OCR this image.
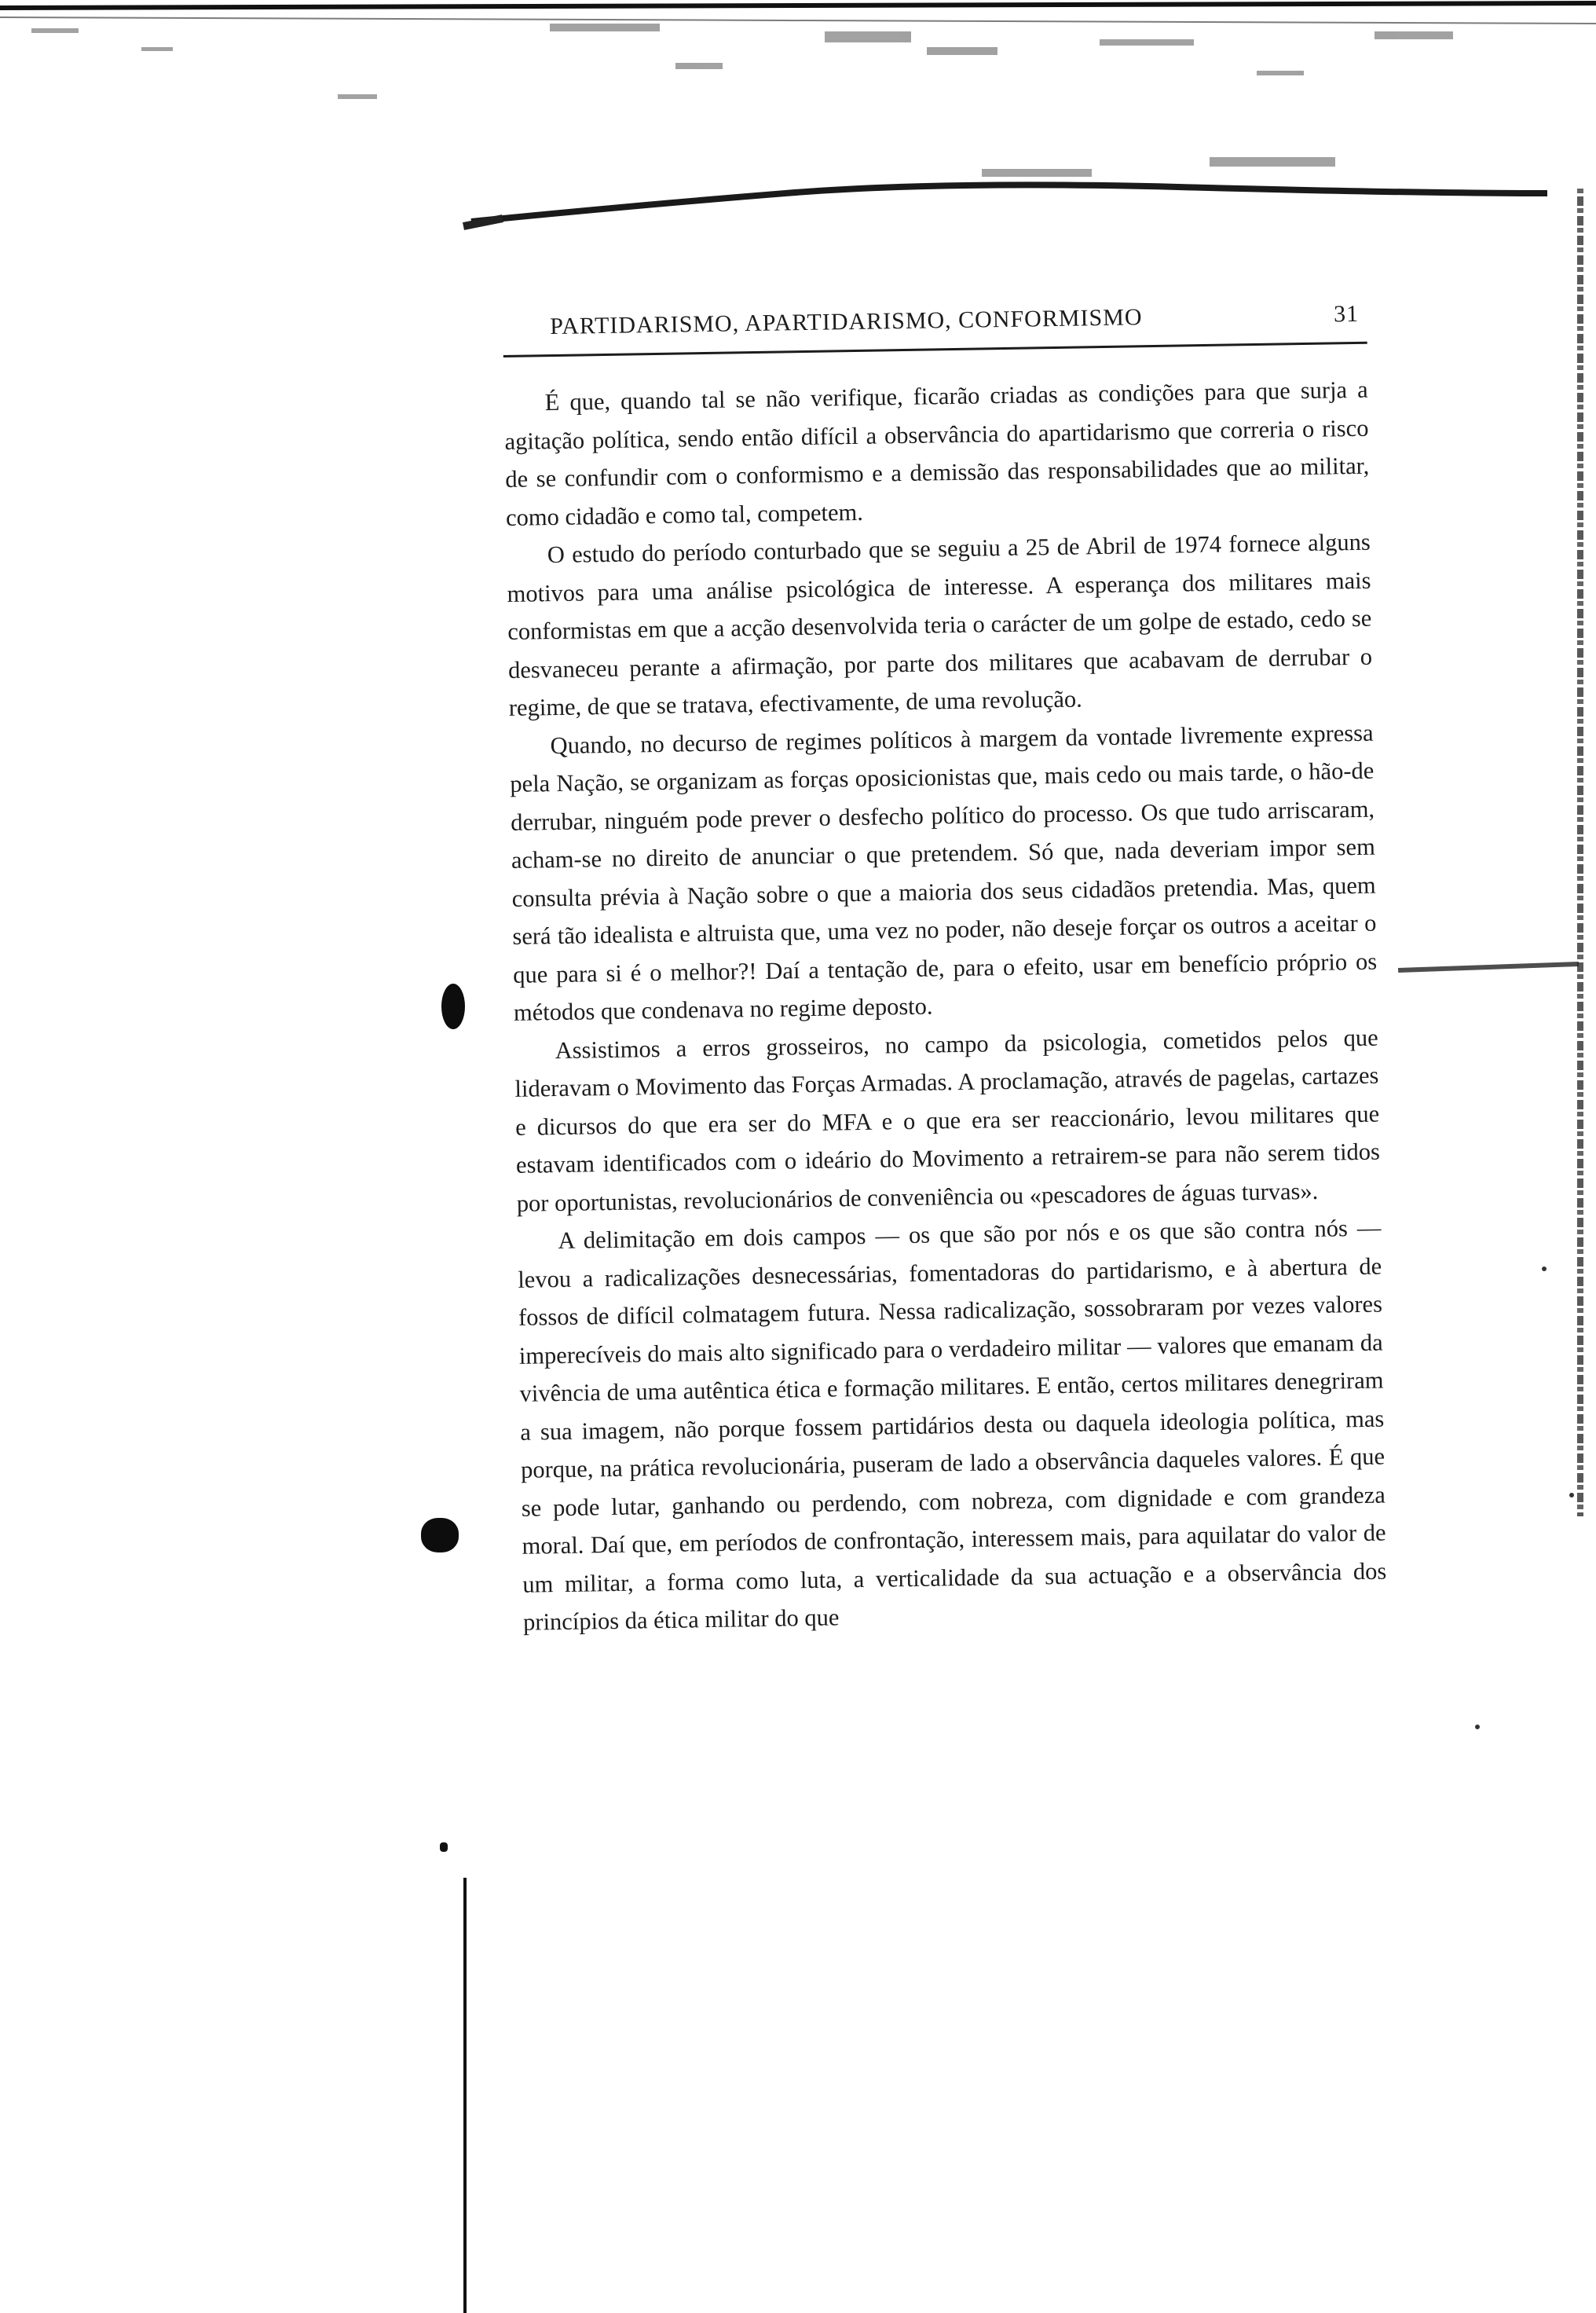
PARTIDARISMO, APARTIDARISMO, CONFORMISMO	31

É que, quando tal se não verifique, ficarão criadas as condições para que surja a agitação política, sendo então difícil a observância do apartidarismo que correria o risco de se confundir com o conformismo e a demissão das responsabilidades que ao militar, como cidadão e como tal, competem.

O estudo do período conturbado que se seguiu a 25 de Abril de 1974 fornece alguns motivos para uma análise psicológica de interesse. A esperança dos militares mais conformistas em que a acção desenvolvida teria o carácter de um golpe de estado, cedo se desvaneceu perante a afirmação, por parte dos militares que acabavam de derrubar o regime, de que se tratava, efectivamente, de uma revolução.

Quando, no decurso de regimes políticos à margem da vontade livremente expressa pela Nação, se organizam as forças oposicionistas que, mais cedo ou mais tarde, o hão-de derrubar, ninguém pode prever o desfecho político do processo. Os que tudo arriscaram, acham-se no direito de anunciar o que pretendem. Só que, nada deveriam impor sem consulta prévia à Nação sobre o que a maioria dos seus cidadãos pretendia. Mas, quem será tão idealista e altruista que, uma vez no poder, não deseje forçar os outros a aceitar o que para si é o melhor?! Daí a tentação de, para o efeito, usar em benefício próprio os métodos que condenava no regime deposto.

Assistimos a erros grosseiros, no campo da psicologia, cometidos pelos que lideravam o Movimento das Forças Armadas. A proclamação, através de pagelas, cartazes e dicursos do que era ser do MFA e o que era ser reaccionário, levou militares que estavam identificados com o ideário do Movimento a retrairem-se para não serem tidos por oportunistas, revolucionários de conveniência ou «pescadores de águas turvas».

A delimitação em dois campos — os que são por nós e os que são contra nós — levou a radicalizações desnecessárias, fomentadoras do partidarismo, e à abertura de fossos de difícil colmatagem futura. Nessa radicalização, sossobraram por vezes valores imperecíveis do mais alto significado para o verdadeiro militar — valores que emanam da vivência de uma autêntica ética e formação militares. E então, certos militares denegriram a sua imagem, não porque fossem partidários desta ou daquela ideologia política, mas porque, na prática revolucionária, puseram de lado a observância daqueles valores. É que se pode lutar, ganhando ou perdendo, com nobreza, com dignidade e com grandeza moral. Daí que, em períodos de confrontação, interessem mais, para aquilatar do valor de um militar, a forma como luta, a verticalidade da sua actuação e a observância dos princípios da ética militar do que
